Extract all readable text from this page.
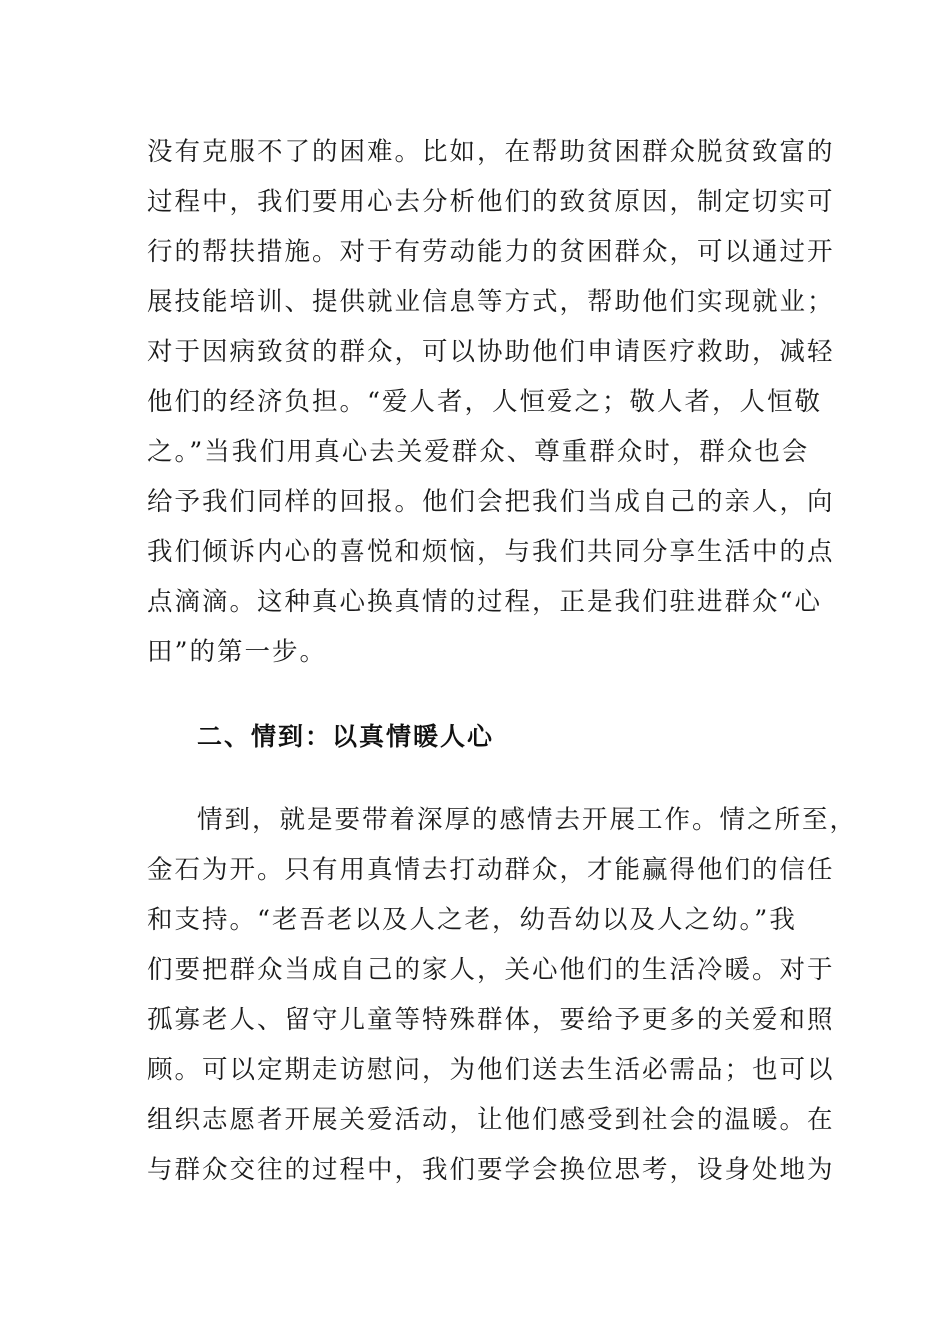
没有克服不了的困难。比如，在帮助贫困群众脱贫致富的
过程中，我们要用心去分析他们的致贫原因，制定切实可
行的帮扶措施。对于有劳动能力的贫困群众，可以通过开
展技能培训、提供就业信息等方式，帮助他们实现就业；
对于因病致贫的群众，可以协助他们申请医疗救助，减轻
他们的经济负担。“爱人者，人恒爱之；敬人者，人恒敬
之。”当我们用真心去关爱群众、尊重群众时，群众也会
给予我们同样的回报。他们会把我们当成自己的亲人，向
我们倾诉内心的喜悦和烦恼，与我们共同分享生活中的点
点滴滴。这种真心换真情的过程，正是我们驻进群众“心
田”的第一步。
二、情到：以真情暖人心
情到，就是要带着深厚的感情去开展工作。情之所至，
金石为开。只有用真情去打动群众，才能赢得他们的信任
和支持。“老吾老以及人之老，幼吾幼以及人之幼。”我
们要把群众当成自己的家人，关心他们的生活冷暖。对于
孤寡老人、留守儿童等特殊群体，要给予更多的关爱和照
顾。可以定期走访慰问，为他们送去生活必需品；也可以
组织志愿者开展关爱活动，让他们感受到社会的温暖。在
与群众交往的过程中，我们要学会换位思考，设身处地为
